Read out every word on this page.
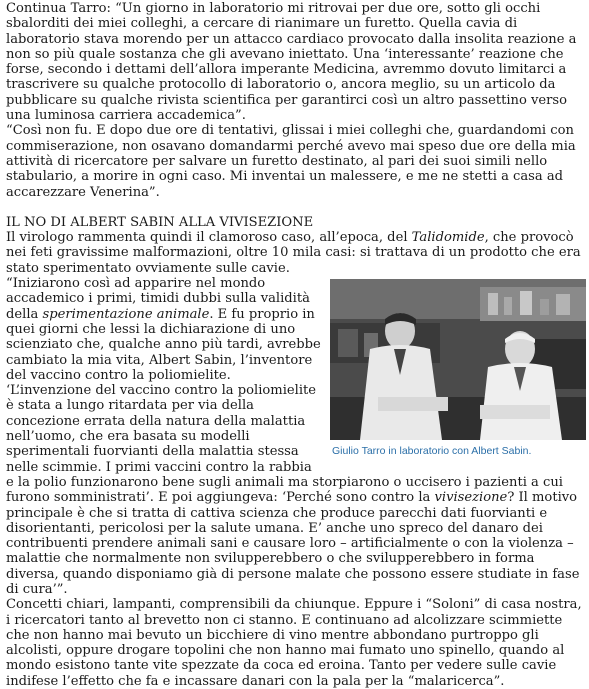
Continua Tarro: “Un giorno in laboratorio mi ritrovai per due ore, sotto gli occhi sbalorditi dei miei colleghi, a cercare di rianimare un furetto. Quella cavia di laboratorio stava morendo per un attacco cardiaco provocato dalla insolita reazione a non so più quale sostanza che gli avevano iniettato. Una ‘interessante’ reazione che forse, secondo i dettami dell’allora imperante Medicina, avremmo dovuto limitarci a trascrivere su qualche protocollo di laboratorio o, ancora meglio, su un articolo da pubblicare su qualche rivista scientifica per garantirci così un altro passettino verso una luminosa carriera accademica”.

“Così non fu. E dopo due ore di tentativi, glissai i miei colleghi che, guardandomi con commiserazione, non osavano domandarmi perché avevo mai speso due ore della mia attività di ricercatore per salvare un furetto destinato, al pari dei suoi simili nello stabulario, a morire in ogni caso. Mi inventai un malessere, e me ne stetti a casa ad accarezzare Venerina”.

IL NO DI ALBERT SABIN ALLA VIVISEZIONE

Il virologo rammenta quindi il clamoroso caso, all’epoca, del Talidomide, che provocò nei feti gravissime malformazioni, oltre 10 mila casi: si trattava di un prodotto che era stato sperimentato ovviamente sulle cavie.

Giulio Tarro in laboratorio con Albert Sabin.

“Iniziarono così ad apparire nel mondo accademico i primi, timidi dubbi sulla validità della sperimentazione animale. E fu proprio in quei giorni che lessi la dichiarazione di uno scienziato che, qualche anno più tardi, avrebbe cambiato la mia vita, Albert Sabin, l’inventore del vaccino contro la poliomielite.

‘L’invenzione del vaccino contro la poliomielite è stata a lungo ritardata per via della concezione errata della natura della malattia nell’uomo, che era basata su modelli sperimentali fuorvianti della malattia stessa nelle scimmie. I primi vaccini contro la rabbia e la polio funzionarono bene sugli animali ma storpiarono o uccisero i pazienti a cui furono somministrati’. E poi aggiungeva: ‘Perché sono contro la vivisezione? Il motivo principale è che si tratta di cattiva scienza che produce parecchi dati fuorvianti e disorientanti, pericolosi per la salute umana. E’ anche uno spreco del danaro dei contribuenti prendere animali sani e causare loro – artificialmente o con la violenza – malattie che normalmente non svilupperebbero o che svilupperebbero in forma diversa, quando disponiamo già di persone malate che possono essere studiate in fase di cura’”.

Concetti chiari, lampanti, comprensibili da chiunque. Eppure i “Soloni” di casa nostra, i ricercatori tanto al brevetto non ci stanno. E continuano ad alcolizzare scimmiette che non hanno mai bevuto un bicchiere di vino mentre abbondano purtroppo gli alcolisti, oppure drogare topolini che non hanno mai fumato uno spinello, quando al mondo esistono tante vite spezzate da coca ed eroina. Tanto per vedere sulle cavie indifese l’effetto che fa e incassare danari con la pala per la “malaricerca”.
